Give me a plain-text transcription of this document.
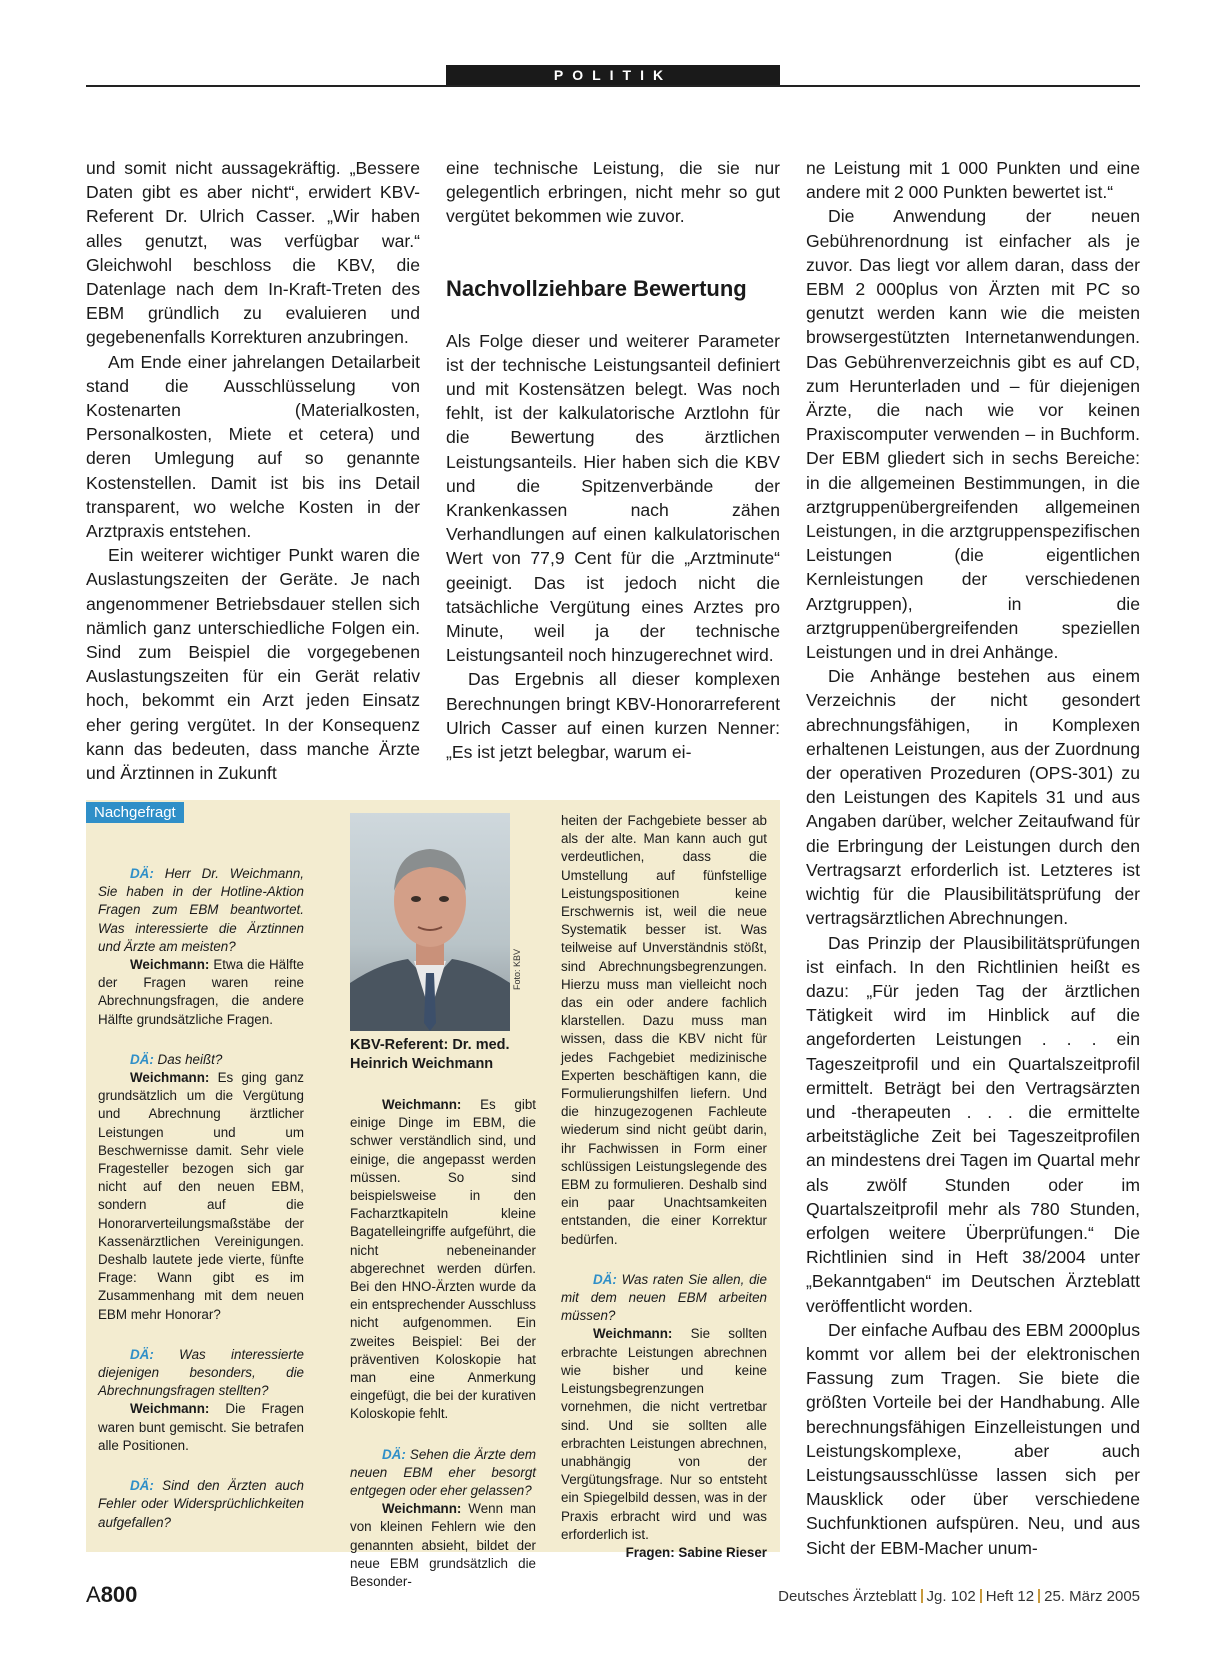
POLITIK

und somit nicht aussagekräftig. „Bessere Daten gibt es aber nicht“, erwidert KBV-Referent Dr. Ulrich Casser. „Wir haben alles genutzt, was verfügbar war.“ Gleichwohl beschloss die KBV, die Datenlage nach dem In-Kraft-Treten des EBM gründlich zu evaluieren und gegebenenfalls Korrekturen anzubringen.

Am Ende einer jahrelangen Detailarbeit stand die Ausschlüsselung von Kostenarten (Materialkosten, Personalkosten, Miete et cetera) und deren Umlegung auf so genannte Kostenstellen. Damit ist bis ins Detail transparent, wo welche Kosten in der Arztpraxis entstehen.

Ein weiterer wichtiger Punkt waren die Auslastungszeiten der Geräte. Je nach angenommener Betriebsdauer stellen sich nämlich ganz unterschiedliche Folgen ein. Sind zum Beispiel die vorgegebenen Auslastungszeiten für ein Gerät relativ hoch, bekommt ein Arzt jeden Einsatz eher gering vergütet. In der Konsequenz kann das bedeuten, dass manche Ärzte und Ärztinnen in Zukunft

eine technische Leistung, die sie nur gelegentlich erbringen, nicht mehr so gut vergütet bekommen wie zuvor.

Nachvollziehbare Bewertung

Als Folge dieser und weiterer Parameter ist der technische Leistungsanteil definiert und mit Kostensätzen belegt. Was noch fehlt, ist der kalkulatorische Arztlohn für die Bewertung des ärztlichen Leistungsanteils. Hier haben sich die KBV und die Spitzenverbände der Krankenkassen nach zähen Verhandlungen auf einen kalkulatorischen Wert von 77,9 Cent für die „Arztminute“ geeinigt. Das ist jedoch nicht die tatsächliche Vergütung eines Arztes pro Minute, weil ja der technische Leistungsanteil noch hinzugerechnet wird.

Das Ergebnis all dieser komplexen Berechnungen bringt KBV-Honorarreferent Ulrich Casser auf einen kurzen Nenner: „Es ist jetzt belegbar, warum ei-

ne Leistung mit 1 000 Punkten und eine andere mit 2 000 Punkten bewertet ist.“

Die Anwendung der neuen Gebührenordnung ist einfacher als je zuvor. Das liegt vor allem daran, dass der EBM 2 000plus von Ärzten mit PC so genutzt werden kann wie die meisten browsergestützten Internetanwendungen. Das Gebührenverzeichnis gibt es auf CD, zum Herunterladen und – für diejenigen Ärzte, die nach wie vor keinen Praxiscomputer verwenden – in Buchform. Der EBM gliedert sich in sechs Bereiche: in die allgemeinen Bestimmungen, in die arztgruppenübergreifenden allgemeinen Leistungen, in die arztgruppenspezifischen Leistungen (die eigentlichen Kernleistungen der verschiedenen Arztgruppen), in die arztgruppenübergreifenden speziellen Leistungen und in drei Anhänge.

Die Anhänge bestehen aus einem Verzeichnis der nicht gesondert abrechnungsfähigen, in Komplexen erhaltenen Leistungen, aus der Zuordnung der operativen Prozeduren (OPS-301) zu den Leistungen des Kapitels 31 und aus Angaben darüber, welcher Zeitaufwand für die Erbringung der Leistungen durch den Vertragsarzt erforderlich ist. Letzteres ist wichtig für die Plausibilitätsprüfung der vertragsärztlichen Abrechnungen.

Das Prinzip der Plausibilitätsprüfungen ist einfach. In den Richtlinien heißt es dazu: „Für jeden Tag der ärztlichen Tätigkeit wird im Hinblick auf die angeforderten Leistungen . . . ein Tageszeitprofil und ein Quartalszeitprofil ermittelt. Beträgt bei den Vertragsärzten und -therapeuten . . . die ermittelte arbeitstägliche Zeit bei Tageszeitprofilen an mindestens drei Tagen im Quartal mehr als zwölf Stunden oder im Quartalszeitprofil mehr als 780 Stunden, erfolgen weitere Überprüfungen.“ Die Richtlinien sind in Heft 38/2004 unter „Bekanntgaben“ im Deutschen Ärzteblatt veröffentlicht worden.

Der einfache Aufbau des EBM 2000plus kommt vor allem bei der elektronischen Fassung zum Tragen. Sie biete die größten Vorteile bei der Handhabung. Alle berechnungsfähigen Einzelleistungen und Leistungskomplexe, aber auch Leistungsausschlüsse lassen sich per Mausklick oder über verschiedene Suchfunktionen aufspüren. Neu, und aus Sicht der EBM-Macher unum-

Nachgefragt

DÄ: Herr Dr. Weichmann, Sie haben in der Hotline-Aktion Fragen zum EBM beantwortet. Was interessierte die Ärztinnen und Ärzte am meisten?

Weichmann: Etwa die Hälfte der Fragen waren reine Abrechnungsfragen, die andere Hälfte grundsätzliche Fragen.

DÄ: Das heißt?

Weichmann: Es ging ganz grundsätzlich um die Vergütung und Abrechnung ärztlicher Leistungen und um Beschwernisse damit. Sehr viele Fragesteller bezogen sich gar nicht auf den neuen EBM, sondern auf die Honorarverteilungsmaßstäbe der Kassenärztlichen Vereinigungen. Deshalb lautete jede vierte, fünfte Frage: Wann gibt es im Zusammenhang mit dem neuen EBM mehr Honorar?

DÄ: Was interessierte diejenigen besonders, die Abrechnungsfragen stellten?

Weichmann: Die Fragen waren bunt gemischt. Sie betrafen alle Positionen.

DÄ: Sind den Ärzten auch Fehler oder Widersprüchlichkeiten aufgefallen?

Foto: KBV
KBV-Referent: Dr. med. Heinrich Weichmann

Weichmann: Es gibt einige Dinge im EBM, die schwer verständlich sind, und einige, die angepasst werden müssen. So sind beispielsweise in den Facharztkapiteln kleine Bagatelleingriffe aufgeführt, die nicht nebeneinander abgerechnet werden dürfen. Bei den HNO-Ärzten wurde da ein entsprechender Ausschluss nicht aufgenommen. Ein zweites Beispiel: Bei der präventiven Koloskopie hat man eine Anmerkung eingefügt, die bei der kurativen Koloskopie fehlt.

DÄ: Sehen die Ärzte dem neuen EBM eher besorgt entgegen oder eher gelassen?

Weichmann: Wenn man von kleinen Fehlern wie den genannten absieht, bildet der neue EBM grundsätzlich die Besonder-

heiten der Fachgebiete besser ab als der alte. Man kann auch gut verdeutlichen, dass die Umstellung auf fünfstellige Leistungspositionen keine Erschwernis ist, weil die neue Systematik besser ist. Was teilweise auf Unverständnis stößt, sind Abrechnungsbegrenzungen. Hierzu muss man vielleicht noch das ein oder andere fachlich klarstellen. Dazu muss man wissen, dass die KBV nicht für jedes Fachgebiet medizinische Experten beschäftigen kann, die Formulierungshilfen liefern. Und die hinzugezogenen Fachleute wiederum sind nicht geübt darin, ihr Fachwissen in Form einer schlüssigen Leistungslegende des EBM zu formulieren. Deshalb sind ein paar Unachtsamkeiten entstanden, die einer Korrektur bedürfen.

DÄ: Was raten Sie allen, die mit dem neuen EBM arbeiten müssen?

Weichmann: Sie sollten erbrachte Leistungen abrechnen wie bisher und keine Leistungsbegrenzungen vornehmen, die nicht vertretbar sind. Und sie sollten alle erbrachten Leistungen abrechnen, unabhängig von der Vergütungsfrage. Nur so entsteht ein Spiegelbild dessen, was in der Praxis erbracht wird und was erforderlich ist.
Fragen: Sabine Rieser

A800	Deutsches Ärzteblatt Jg. 102 Heft 12 25. März 2005
